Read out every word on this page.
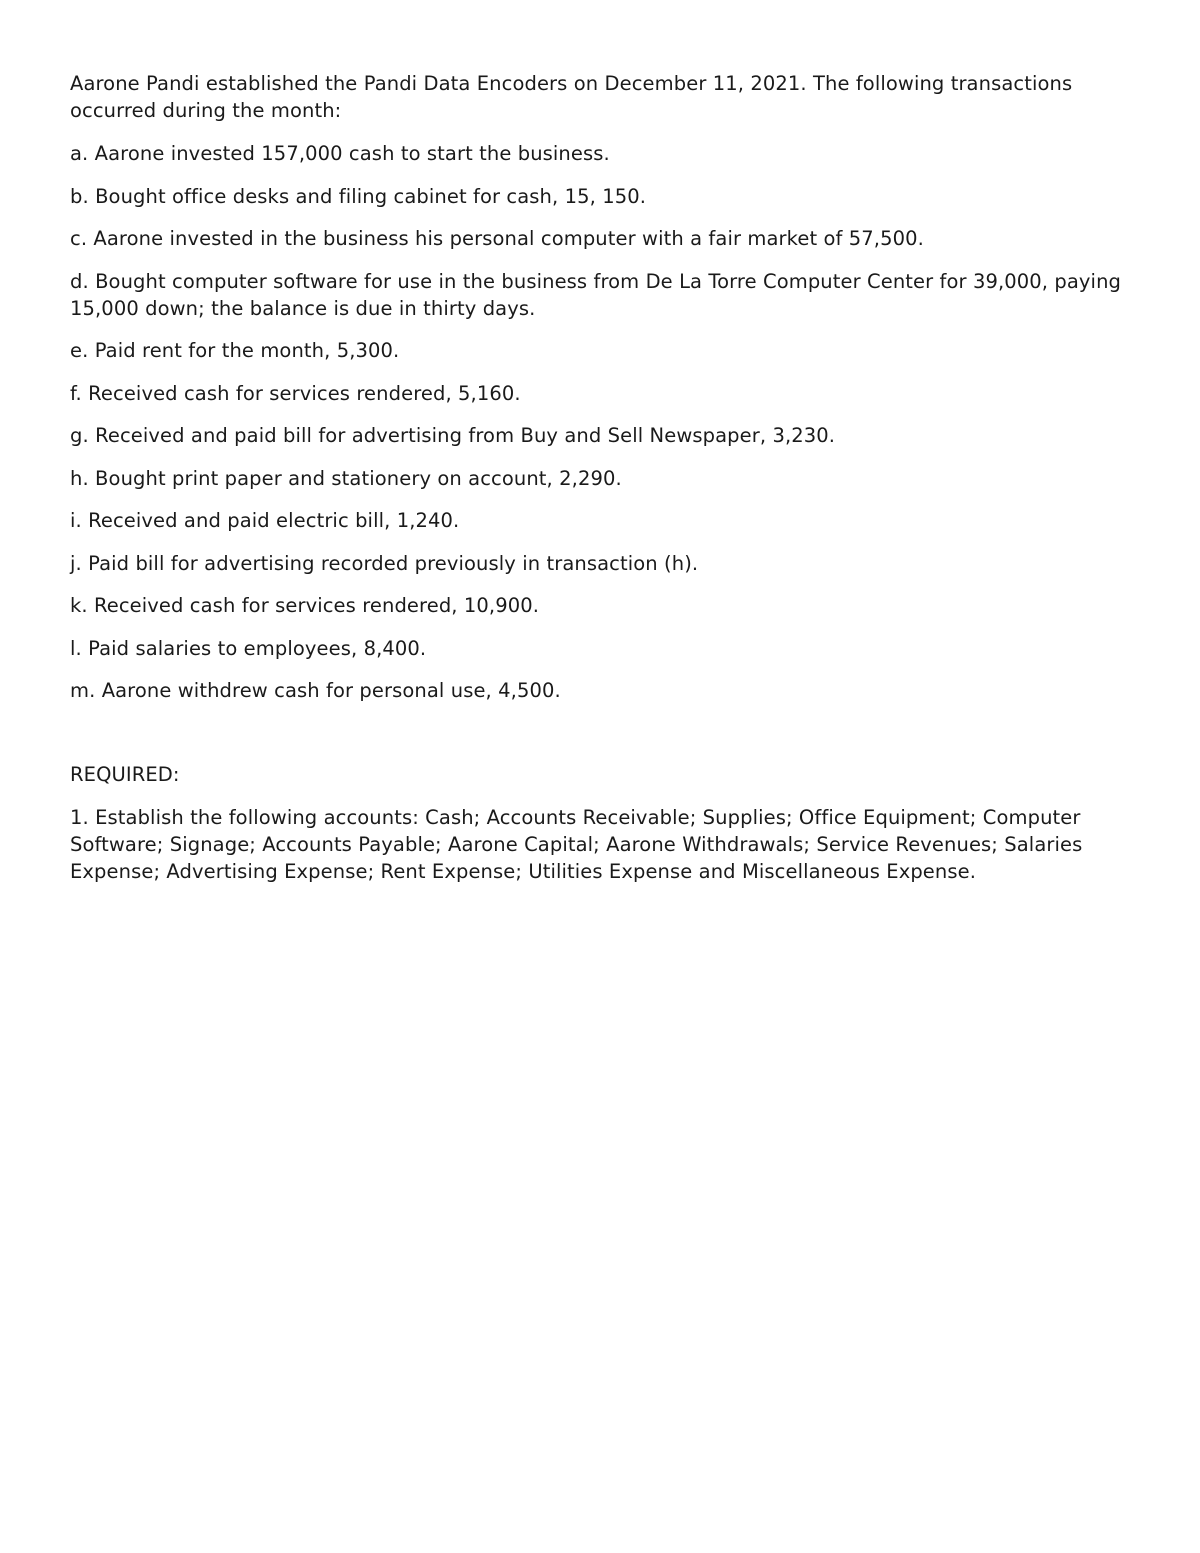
Aarone Pandi established the Pandi Data Encoders on December 11, 2021. The following transactions occurred during the month:

a. Aarone invested 157,000 cash to start the business.
b. Bought office desks and filing cabinet for cash, 15, 150.
c. Aarone invested in the business his personal computer with a fair market of 57,500.
d. Bought computer software for use in the business from De La Torre Computer Center for 39,000, paying 15,000 down; the balance is due in thirty days.
e. Paid rent for the month, 5,300.
f. Received cash for services rendered, 5,160.
g. Received and paid bill for advertising from Buy and Sell Newspaper, 3,230.
h. Bought print paper and stationery on account, 2,290.
i. Received and paid electric bill, 1,240.
j. Paid bill for advertising recorded previously in transaction (h).
k. Received cash for services rendered, 10,900.
l. Paid salaries to employees, 8,400.
m. Aarone withdrew cash for personal use, 4,500.

REQUIRED:

1. Establish the following accounts: Cash; Accounts Receivable; Supplies; Office Equipment; Computer Software; Signage; Accounts Payable; Aarone Capital; Aarone Withdrawals; Service Revenues; Salaries Expense; Advertising Expense; Rent Expense; Utilities Expense and Miscellaneous Expense.
